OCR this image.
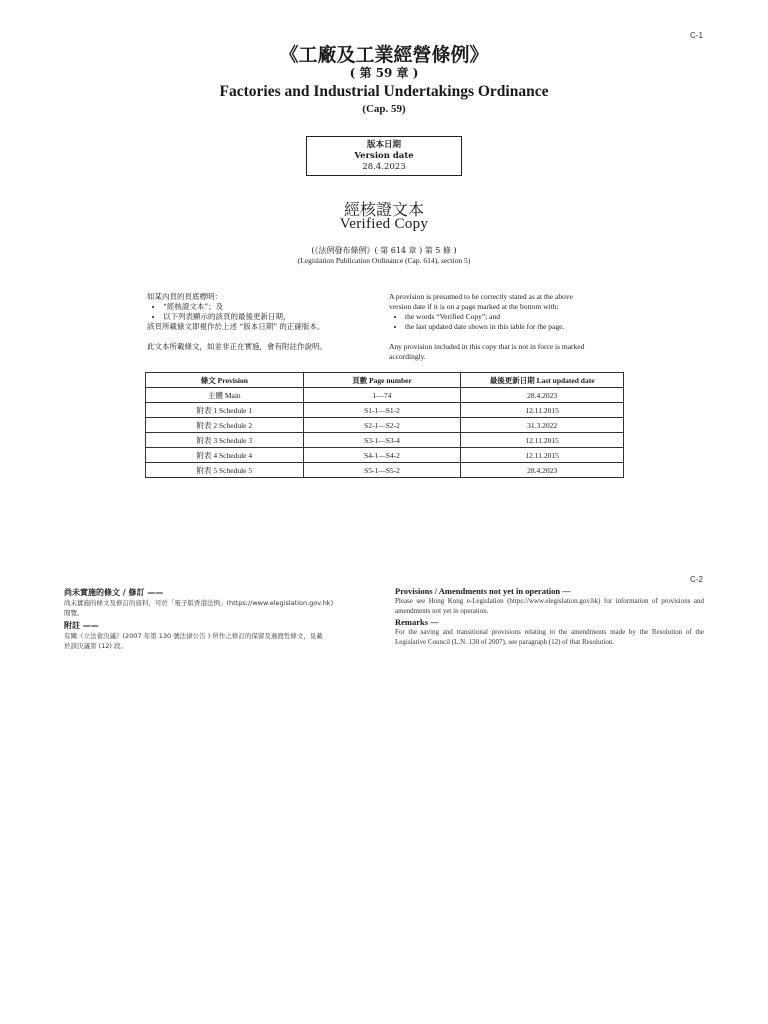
C-1
《工廠及工業經營條例》
( 第 59 章 )
Factories and Industrial Undertakings Ordinance
(Cap. 59)
版本日期
Version date
28.4.2023
經核證文本
Verified Copy
(《法例發布條例》( 第 614 章 ) 第 5 條 )
(Legislation Publication Ordinance (Cap. 614), section 5)
如某內頁的頁底標明：
• “經核證文本”；及
• 以下列表顯示的該頁的最後更新日期，
該頁所載條文即視作於上述 “版本日期” 的正確版本。
此文本所載條文，如並非正在實施，會有附註作說明。
A provision is presumed to be correctly stated as at the above
version date if it is on a page marked at the bottom with:
• the words “Verified Copy”; and
• the last updated date shown in this table for the page.
Any provision included in this copy that is not in force is marked
accordingly.
條文 Provision	頁數 Page number	最後更新日期 Last updated date
主體 Main	1—74	28.4.2023
附表 1 Schedule 1	S1-1—S1-2	12.11.2015
附表 2 Schedule 2	S2-1—S2-2	31.3.2022
附表 3 Schedule 3	S3-1—S3-4	12.11.2015
附表 4 Schedule 4	S4-1—S4-2	12.11.2015
附表 5 Schedule 5	S5-1—S5-2	28.4.2023
C-2
尚未實施的條文 / 修訂 ——
尚未實施的條文及修訂的資料，可於「電子版香港法例」(https://www.elegislation.gov.hk)
閱覽。
附註 ——
有關《立法會決議》(2007 年第 130 號法律公告 ) 所作之修訂的保留及過渡性條文，見載
於該決議第 (12) 段。
Provisions / Amendments not yet in operation —
Please see Hong Kong e-Legislation (https://www.elegislation.gov.hk) for information of provisions and amendments not yet in operation.
Remarks —
For the saving and transitional provisions relating to the amendments made by the Resolution of the Legislative Council (L.N. 130 of 2007), see paragraph (12) of that Resolution.
